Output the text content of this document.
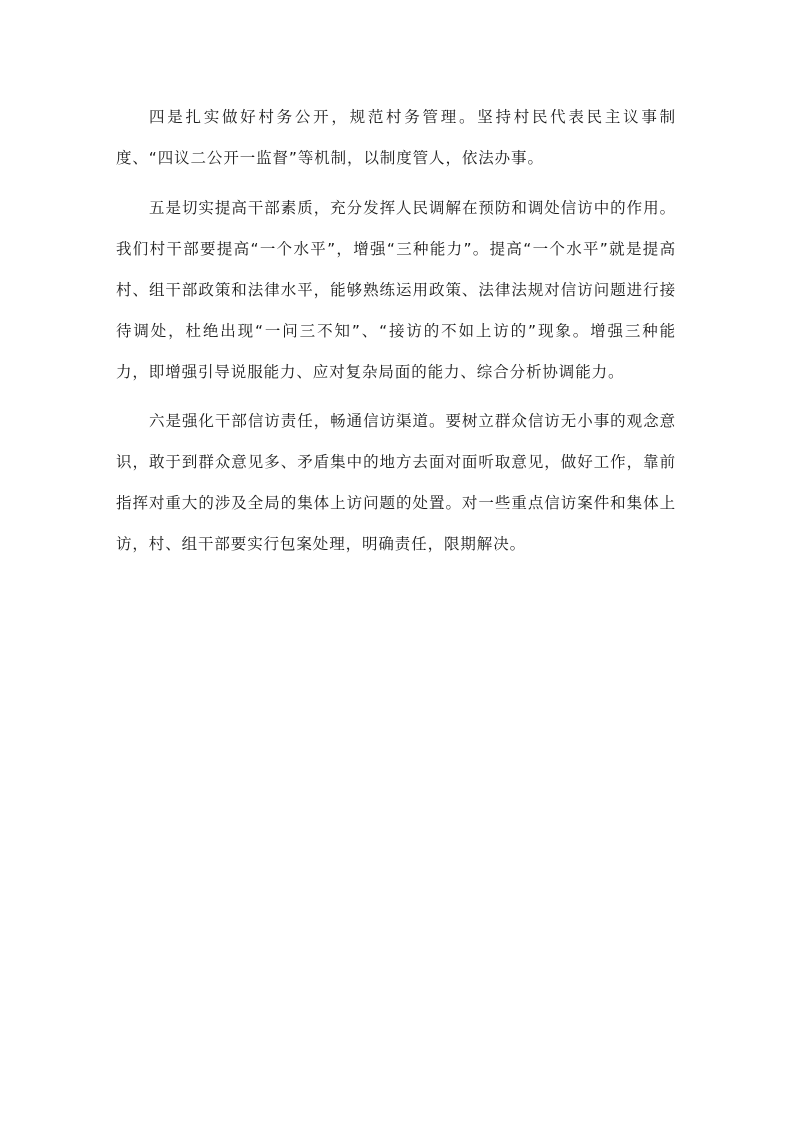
四是扎实做好村务公开，规范村务管理。坚持村民代表民主议事制度、“四议二公开一监督”等机制，以制度管人，依法办事。

五是切实提高干部素质，充分发挥人民调解在预防和调处信访中的作用。我们村干部要提高“一个水平”，增强“三种能力”。提高“一个水平”就是提高村、组干部政策和法律水平，能够熟练运用政策、法律法规对信访问题进行接待调处，杜绝出现“一问三不知”、“接访的不如上访的”现象。增强三种能力，即增强引导说服能力、应对复杂局面的能力、综合分析协调能力。

六是强化干部信访责任，畅通信访渠道。要树立群众信访无小事的观念意识，敢于到群众意见多、矛盾集中的地方去面对面听取意见，做好工作，靠前指挥对重大的涉及全局的集体上访问题的处置。对一些重点信访案件和集体上访，村、组干部要实行包案处理，明确责任，限期解决。
